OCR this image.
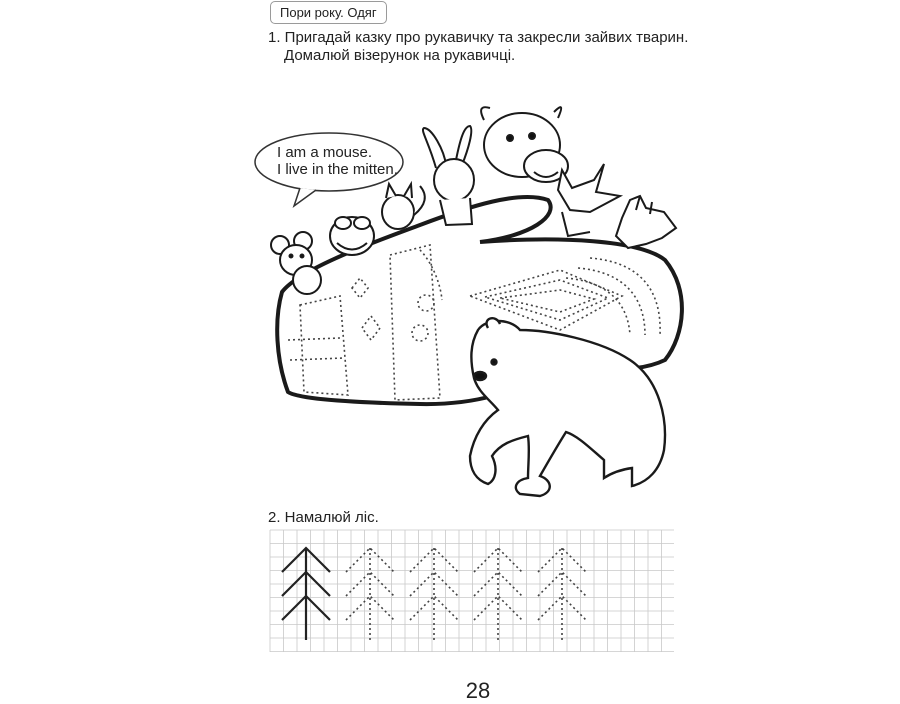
Пори року. Одяг
1. Пригадай казку про рукавичку та закресли зайвих тварин.
Домалюй візерунок на рукавичці.
I am a mouse.
I live in the mitten.
2. Намалюй ліс.
28
